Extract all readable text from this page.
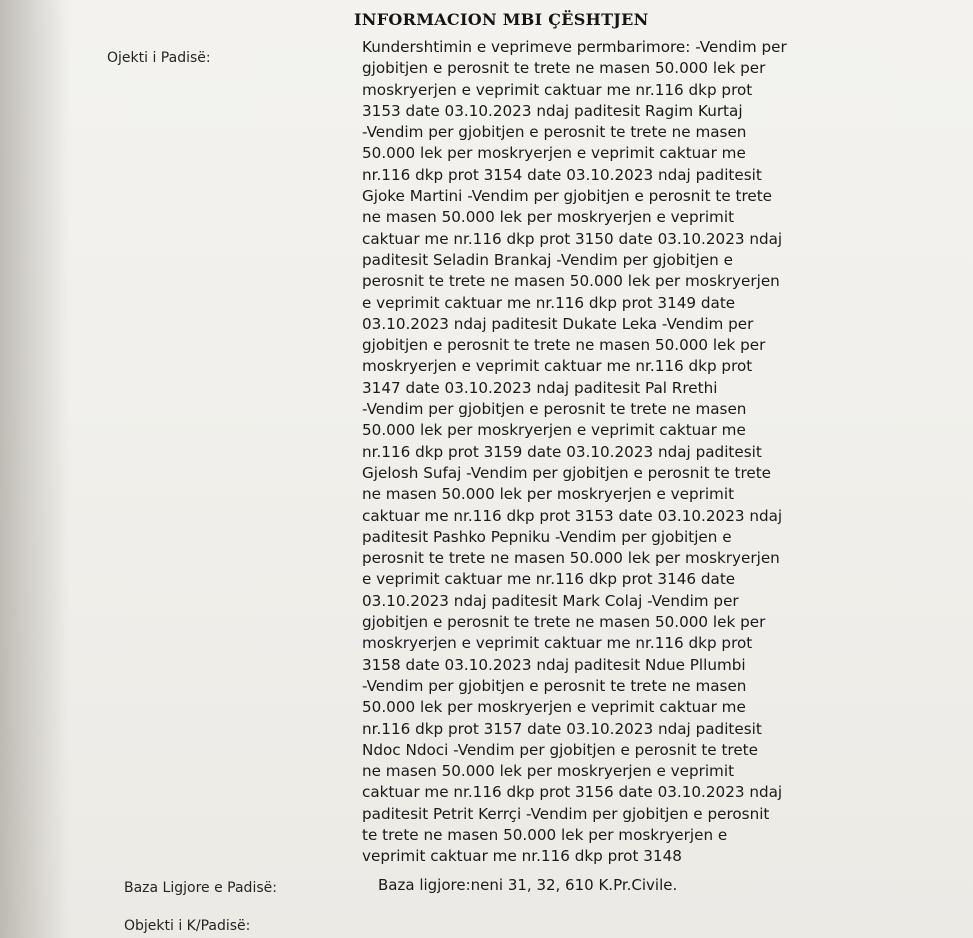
INFORMACION MBI ÇËSHTJEN
Ojekti i Padisë:
Kundershtimin e veprimeve permbarimore: -Vendim per
gjobitjen e perosnit te trete ne masen 50.000 lek per
moskryerjen e veprimit caktuar me nr.116 dkp prot
3153 date 03.10.2023 ndaj paditesit Ragim Kurtaj
-Vendim per gjobitjen e perosnit te trete ne masen
50.000 lek per moskryerjen e veprimit caktuar me
nr.116 dkp prot 3154 date 03.10.2023 ndaj paditesit
Gjoke Martini -Vendim per gjobitjen e perosnit te trete
ne masen 50.000 lek per moskryerjen e veprimit
caktuar me nr.116 dkp prot 3150 date 03.10.2023 ndaj
paditesit Seladin Brankaj -Vendim per gjobitjen e
perosnit te trete ne masen 50.000 lek per moskryerjen
e veprimit caktuar me nr.116 dkp prot 3149 date
03.10.2023 ndaj paditesit Dukate Leka -Vendim per
gjobitjen e perosnit te trete ne masen 50.000 lek per
moskryerjen e veprimit caktuar me nr.116 dkp prot
3147 date 03.10.2023 ndaj paditesit Pal Rrethi
-Vendim per gjobitjen e perosnit te trete ne masen
50.000 lek per moskryerjen e veprimit caktuar me
nr.116 dkp prot 3159 date 03.10.2023 ndaj paditesit
Gjelosh Sufaj -Vendim per gjobitjen e perosnit te trete
ne masen 50.000 lek per moskryerjen e veprimit
caktuar me nr.116 dkp prot 3153 date 03.10.2023 ndaj
paditesit Pashko Pepniku -Vendim per gjobitjen e
perosnit te trete ne masen 50.000 lek per moskryerjen
e veprimit caktuar me nr.116 dkp prot 3146 date
03.10.2023 ndaj paditesit Mark Colaj -Vendim per
gjobitjen e perosnit te trete ne masen 50.000 lek per
moskryerjen e veprimit caktuar me nr.116 dkp prot
3158 date 03.10.2023 ndaj paditesit Ndue Pllumbi
-Vendim per gjobitjen e perosnit te trete ne masen
50.000 lek per moskryerjen e veprimit caktuar me
nr.116 dkp prot 3157 date 03.10.2023 ndaj paditesit
Ndoc Ndoci -Vendim per gjobitjen e perosnit te trete
ne masen 50.000 lek per moskryerjen e veprimit
caktuar me nr.116 dkp prot 3156 date 03.10.2023 ndaj
paditesit Petrit Kerrçi -Vendim per gjobitjen e perosnit
te trete ne masen 50.000 lek per moskryerjen e
veprimit caktuar me nr.116 dkp prot 3148
Baza Ligjore e Padisë:	Baza ligjore:neni 31, 32, 610 K.Pr.Civile.
Objekti i K/Padisë:
